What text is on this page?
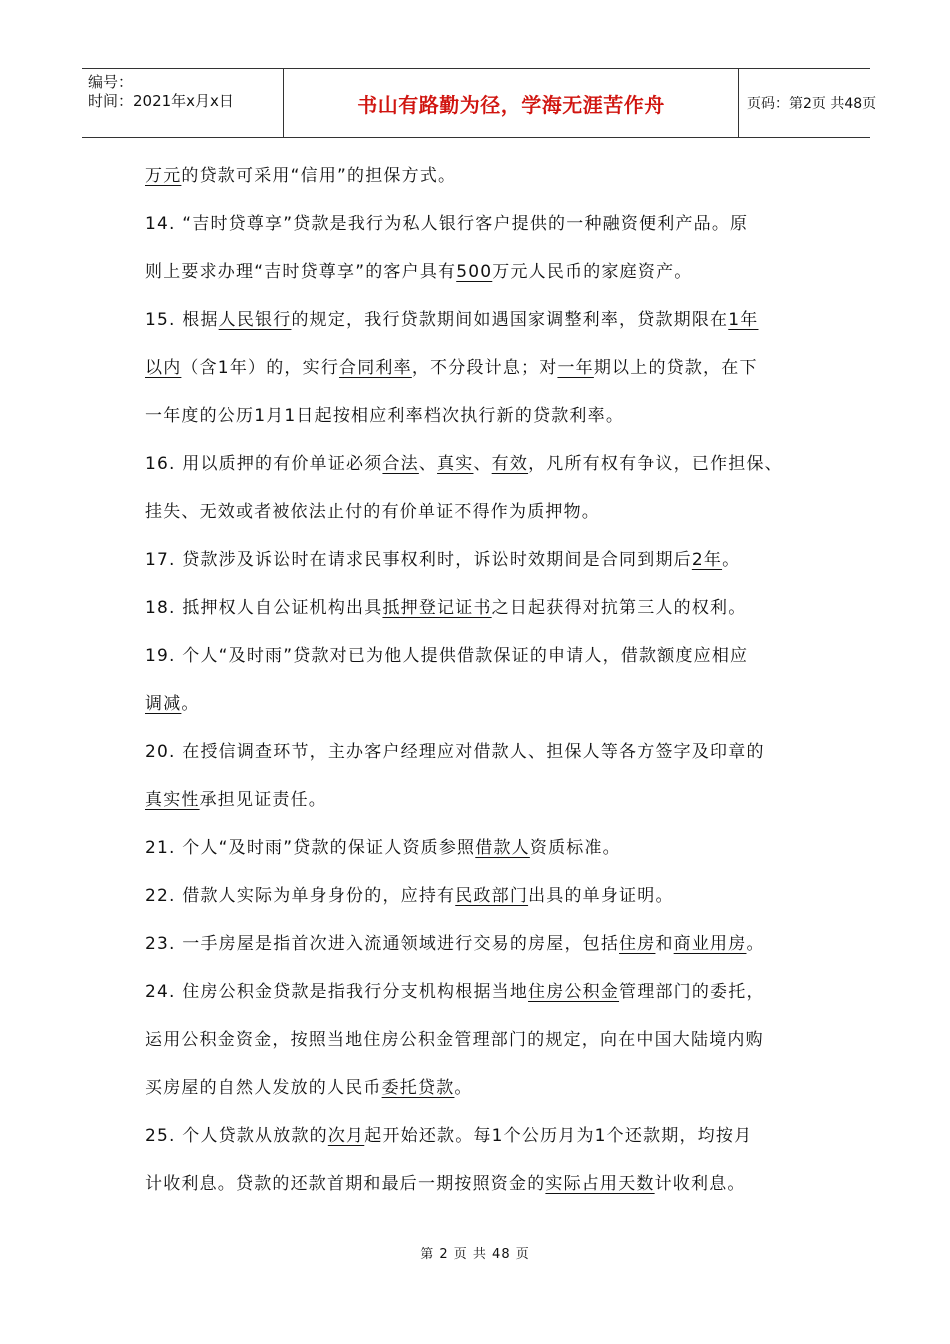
编号：
时间：2021年x月x日	书山有路勤为径，学海无涯苦作舟	页码：第2页 共48页
万元的贷款可采用“信用”的担保方式。
14. “吉时贷尊享”贷款是我行为私人银行客户提供的一种融资便利产品。原
则上要求办理“吉时贷尊享”的客户具有500万元人民币的家庭资产。
15. 根据人民银行的规定，我行贷款期间如遇国家调整利率，贷款期限在1年
以内（含1年）的，实行合同利率，不分段计息；对一年期以上的贷款，在下
一年度的公历1月1日起按相应利率档次执行新的贷款利率。
16. 用以质押的有价单证必须合法、真实、有效，凡所有权有争议，已作担保、
挂失、无效或者被依法止付的有价单证不得作为质押物。
17. 贷款涉及诉讼时在请求民事权利时，诉讼时效期间是合同到期后2年。
18. 抵押权人自公证机构出具抵押登记证书之日起获得对抗第三人的权利。
19. 个人“及时雨”贷款对已为他人提供借款保证的申请人，借款额度应相应
调减。
20. 在授信调查环节，主办客户经理应对借款人、担保人等各方签字及印章的
真实性承担见证责任。
21. 个人“及时雨”贷款的保证人资质参照借款人资质标准。
22. 借款人实际为单身身份的，应持有民政部门出具的单身证明。
23. 一手房屋是指首次进入流通领域进行交易的房屋，包括住房和商业用房。
24. 住房公积金贷款是指我行分支机构根据当地住房公积金管理部门的委托，
运用公积金资金，按照当地住房公积金管理部门的规定，向在中国大陆境内购
买房屋的自然人发放的人民币委托贷款。
25. 个人贷款从放款的次月起开始还款。每1个公历月为1个还款期，均按月
计收利息。贷款的还款首期和最后一期按照资金的实际占用天数计收利息。
第 2 页 共 48 页
